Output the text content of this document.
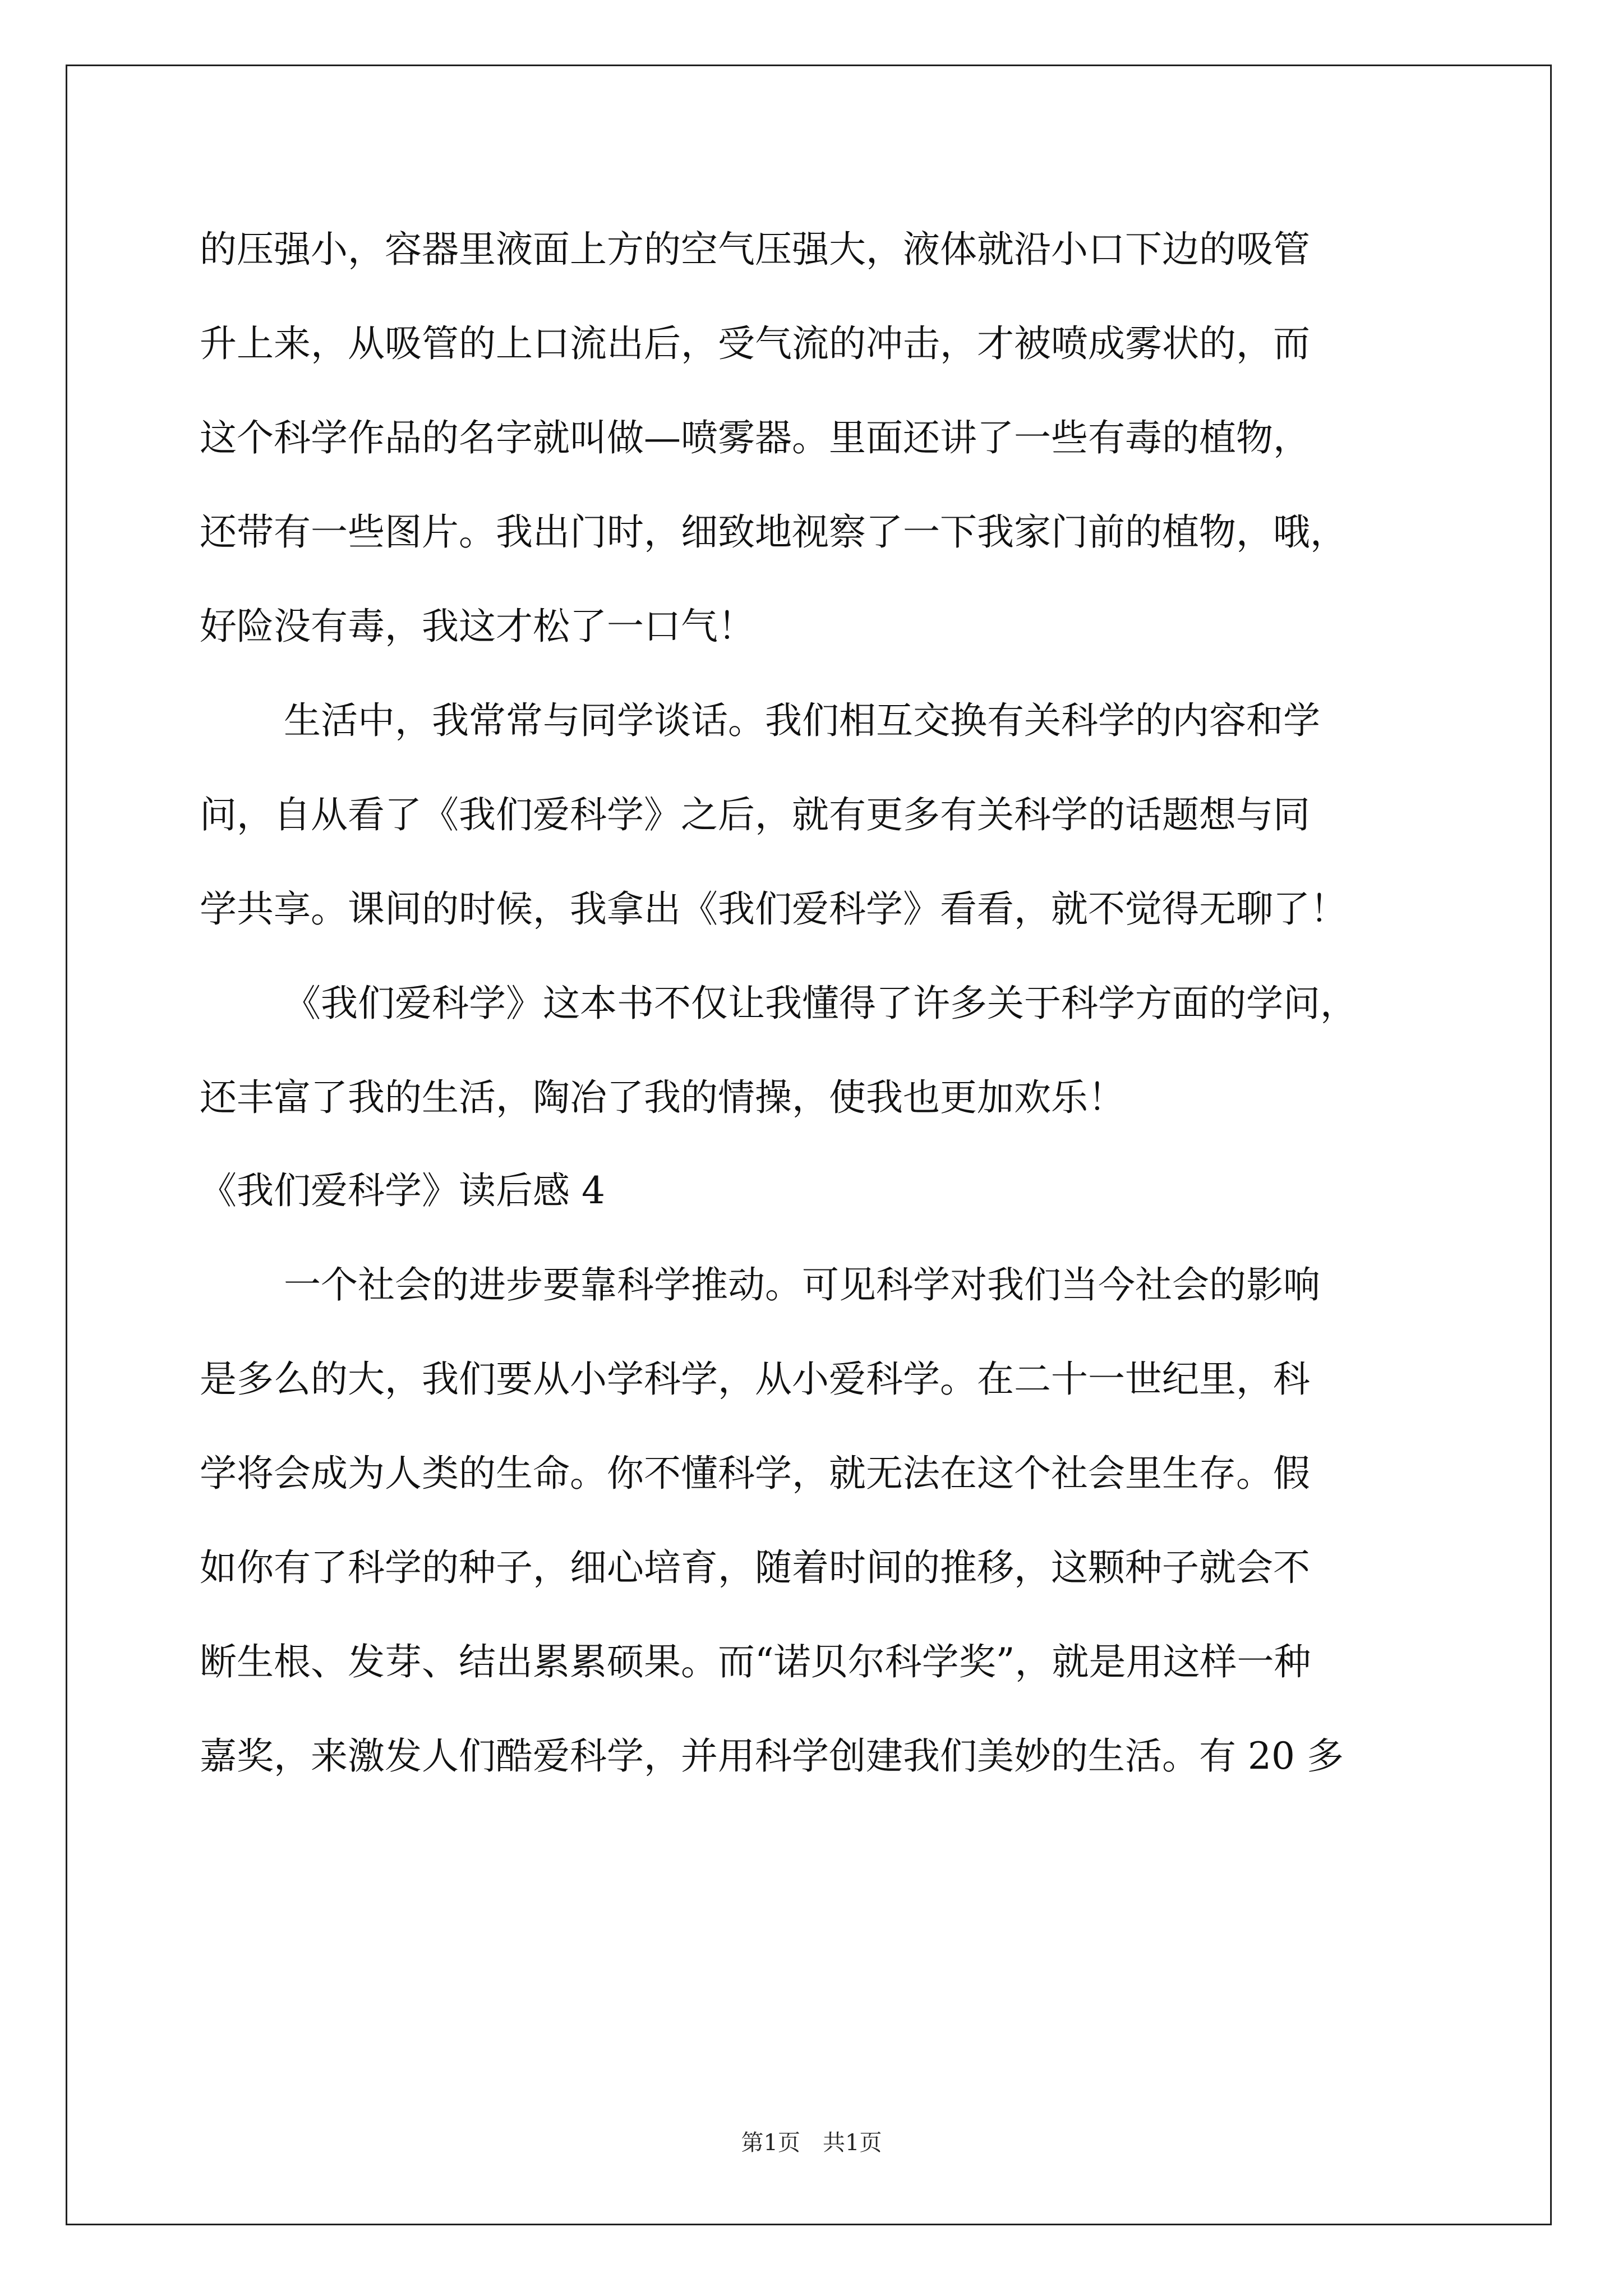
的压强小，容器里液面上方的空气压强大，液体就沿小口下边的吸管
升上来，从吸管的上口流出后，受气流的冲击，才被喷成雾状的，而
这个科学作品的名字就叫做—喷雾器。里面还讲了一些有毒的植物，
还带有一些图片。我出门时，细致地视察了一下我家门前的植物，哦，
好险没有毒，我这才松了一口气！
生活中，我常常与同学谈话。我们相互交换有关科学的内容和学
问，自从看了《我们爱科学》之后，就有更多有关科学的话题想与同
学共享。课间的时候，我拿出《我们爱科学》看看，就不觉得无聊了！
《我们爱科学》这本书不仅让我懂得了许多关于科学方面的学问，
还丰富了我的生活，陶冶了我的情操，使我也更加欢乐！
《我们爱科学》读后感 4
一个社会的进步要靠科学推动。可见科学对我们当今社会的影响
是多么的大，我们要从小学科学，从小爱科学。在二十一世纪里，科
学将会成为人类的生命。你不懂科学，就无法在这个社会里生存。假
如你有了科学的种子，细心培育，随着时间的推移，这颗种子就会不
断生根、发芽、结出累累硕果。而“诺贝尔科学奖”，就是用这样一种
嘉奖，来激发人们酷爱科学，并用科学创建我们美妙的生活。有 20 多
第1页　共1页
